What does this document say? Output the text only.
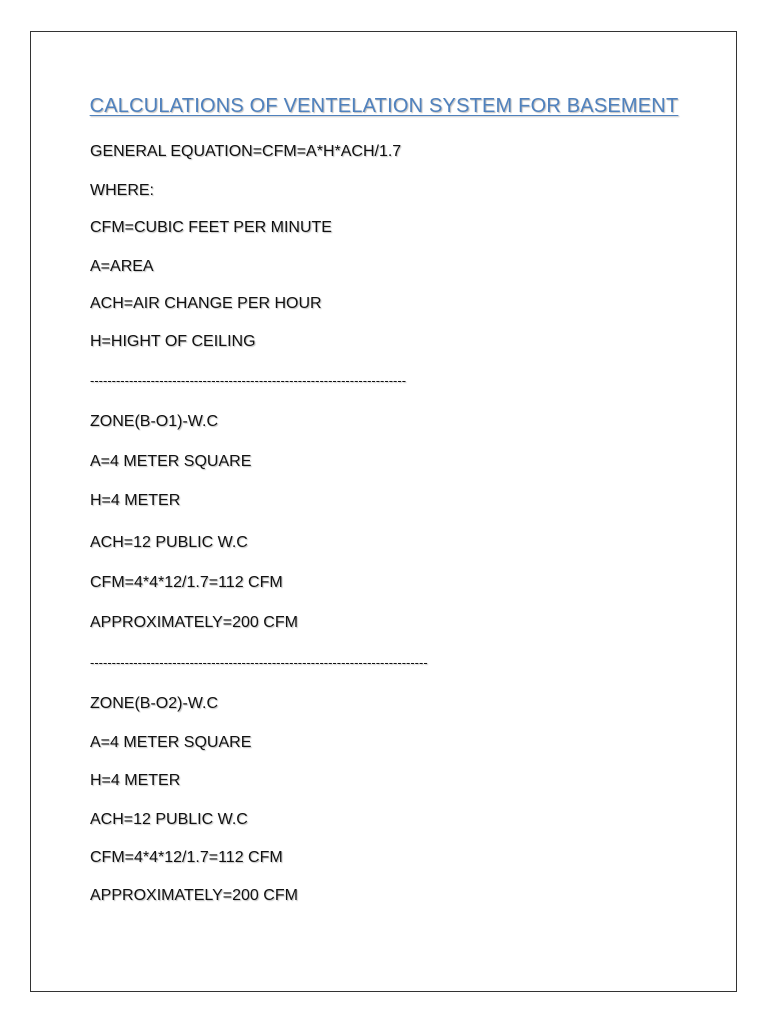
CALCULATIONS OF VENTELATION SYSTEM FOR BASEMENT
GENERAL EQUATION=CFM=A*H*ACH/1.7
WHERE:
CFM=CUBIC FEET PER MINUTE
A=AREA
ACH=AIR CHANGE PER HOUR
H=HIGHT OF CEILING
-------------------------------------------------------------------------
ZONE(B-O1)-W.C
A=4 METER SQUARE
H=4 METER
ACH=12 PUBLIC W.C
CFM=4*4*12/1.7=112 CFM
APPROXIMATELY=200 CFM
------------------------------------------------------------------------------
ZONE(B-O2)-W.C
A=4 METER SQUARE
H=4 METER
ACH=12 PUBLIC W.C
CFM=4*4*12/1.7=112 CFM
APPROXIMATELY=200 CFM
